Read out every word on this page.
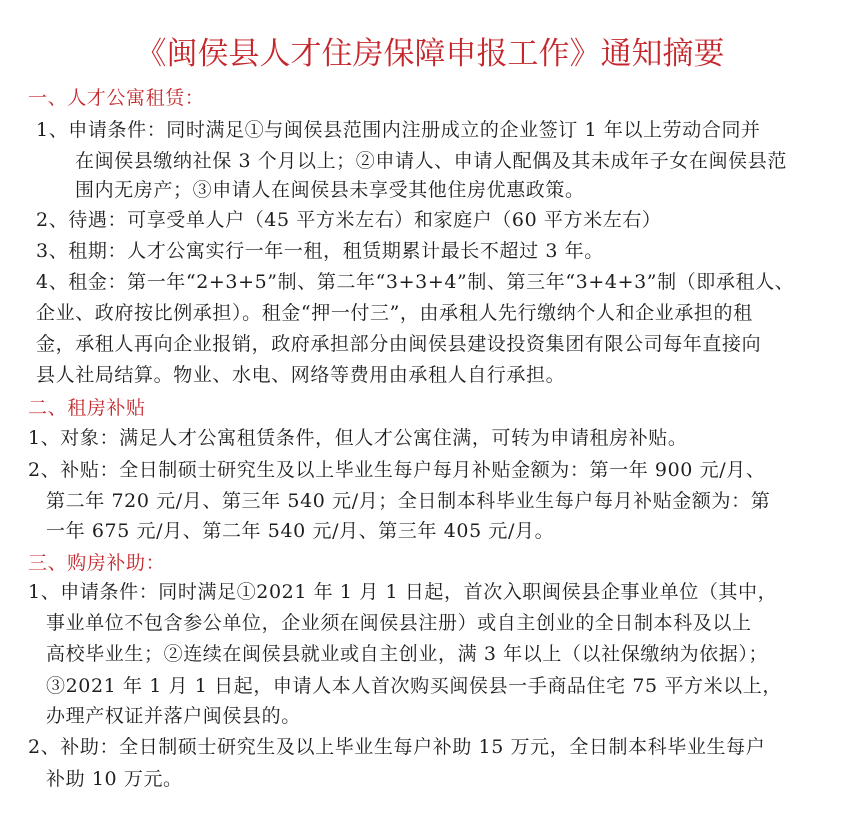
《闽侯县人才住房保障申报工作》通知摘要
一、人才公寓租赁：
1、申请条件：同时满足①与闽侯县范围内注册成立的企业签订 1 年以上劳动合同并
在闽侯县缴纳社保 3 个月以上；②申请人、申请人配偶及其未成年子女在闽侯县范
围内无房产；③申请人在闽侯县未享受其他住房优惠政策。
2、待遇：可享受单人户（45 平方米左右）和家庭户（60 平方米左右）
3、租期：人才公寓实行一年一租，租赁期累计最长不超过 3 年。
4、租金：第一年“2+3+5”制、第二年“3+3+4”制、第三年“3+4+3”制（即承租人、
企业、政府按比例承担）。租金“押一付三”，由承租人先行缴纳个人和企业承担的租
金，承租人再向企业报销，政府承担部分由闽侯县建设投资集团有限公司每年直接向
县人社局结算。物业、水电、网络等费用由承租人自行承担。
二、租房补贴
1、对象：满足人才公寓租赁条件，但人才公寓住满，可转为申请租房补贴。
2、补贴：全日制硕士研究生及以上毕业生每户每月补贴金额为：第一年 900 元/月、
第二年 720 元/月、第三年 540 元/月；全日制本科毕业生每户每月补贴金额为：第
一年 675 元/月、第二年 540 元/月、第三年 405 元/月。
三、购房补助：
1、申请条件：同时满足①2021 年 1 月 1 日起，首次入职闽侯县企事业单位（其中，
事业单位不包含参公单位，企业须在闽侯县注册）或自主创业的全日制本科及以上
高校毕业生；②连续在闽侯县就业或自主创业，满 3 年以上（以社保缴纳为依据）；
③2021 年 1 月 1 日起，申请人本人首次购买闽侯县一手商品住宅 75 平方米以上，
办理产权证并落户闽侯县的。
2、补助：全日制硕士研究生及以上毕业生每户补助 15 万元，全日制本科毕业生每户
补助 10 万元。
